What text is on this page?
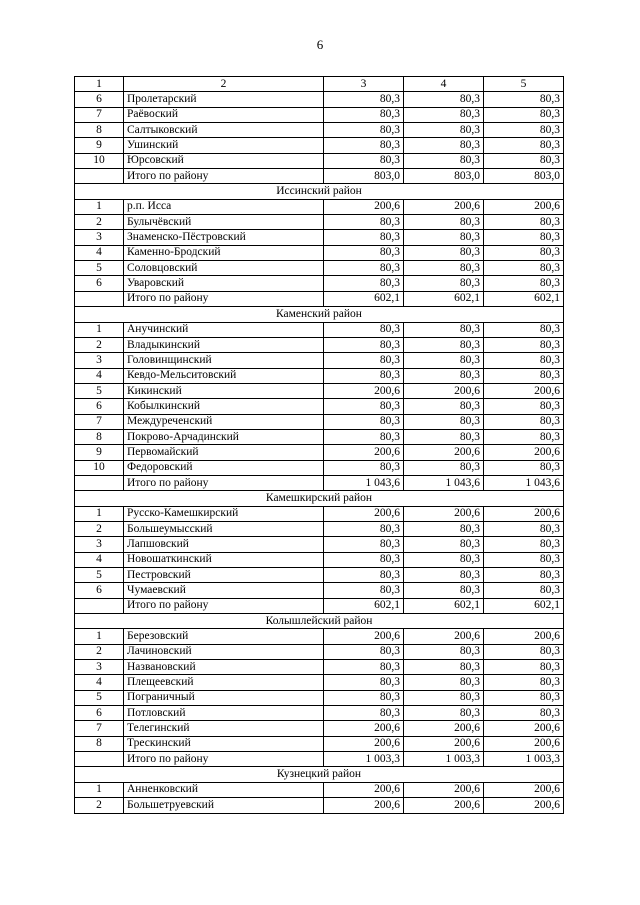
6
1	2	3	4	5
6	Пролетарский	80,3	80,3	80,3
7	Раёвоский	80,3	80,3	80,3
8	Салтыковский	80,3	80,3	80,3
9	Ушинский	80,3	80,3	80,3
10	Юрсовский	80,3	80,3	80,3
	Итого по району	803,0	803,0	803,0
Иссинский район				
1	р.п. Исса	200,6	200,6	200,6
2	Булычёвский	80,3	80,3	80,3
3	Знаменско-Пёстровский	80,3	80,3	80,3
4	Каменно-Бродский	80,3	80,3	80,3
5	Соловцовский	80,3	80,3	80,3
6	Уваровский	80,3	80,3	80,3
	Итого по району	602,1	602,1	602,1
Каменский район				
1	Анучинский	80,3	80,3	80,3
2	Владыкинский	80,3	80,3	80,3
3	Головинщинский	80,3	80,3	80,3
4	Кевдо-Мельситовский	80,3	80,3	80,3
5	Кикинский	200,6	200,6	200,6
6	Кобылкинский	80,3	80,3	80,3
7	Междуреченский	80,3	80,3	80,3
8	Покрово-Арчадинский	80,3	80,3	80,3
9	Первомайский	200,6	200,6	200,6
10	Федоровский	80,3	80,3	80,3
	Итого по району	1 043,6	1 043,6	1 043,6
Камешкирский район				
1	Русско-Камешкирский	200,6	200,6	200,6
2	Большеумысский	80,3	80,3	80,3
3	Лапшовский	80,3	80,3	80,3
4	Новошаткинский	80,3	80,3	80,3
5	Пестровский	80,3	80,3	80,3
6	Чумаевский	80,3	80,3	80,3
	Итого по району	602,1	602,1	602,1
Колышлейский район				
1	Березовский	200,6	200,6	200,6
2	Лачиновский	80,3	80,3	80,3
3	Названовский	80,3	80,3	80,3
4	Плещеевский	80,3	80,3	80,3
5	Пограничный	80,3	80,3	80,3
6	Потловский	80,3	80,3	80,3
7	Телегинский	200,6	200,6	200,6
8	Трескинский	200,6	200,6	200,6
	Итого по району	1 003,3	1 003,3	1 003,3
Кузнецкий район				
1	Анненковский	200,6	200,6	200,6
2	Большетруевский	200,6	200,6	200,6
